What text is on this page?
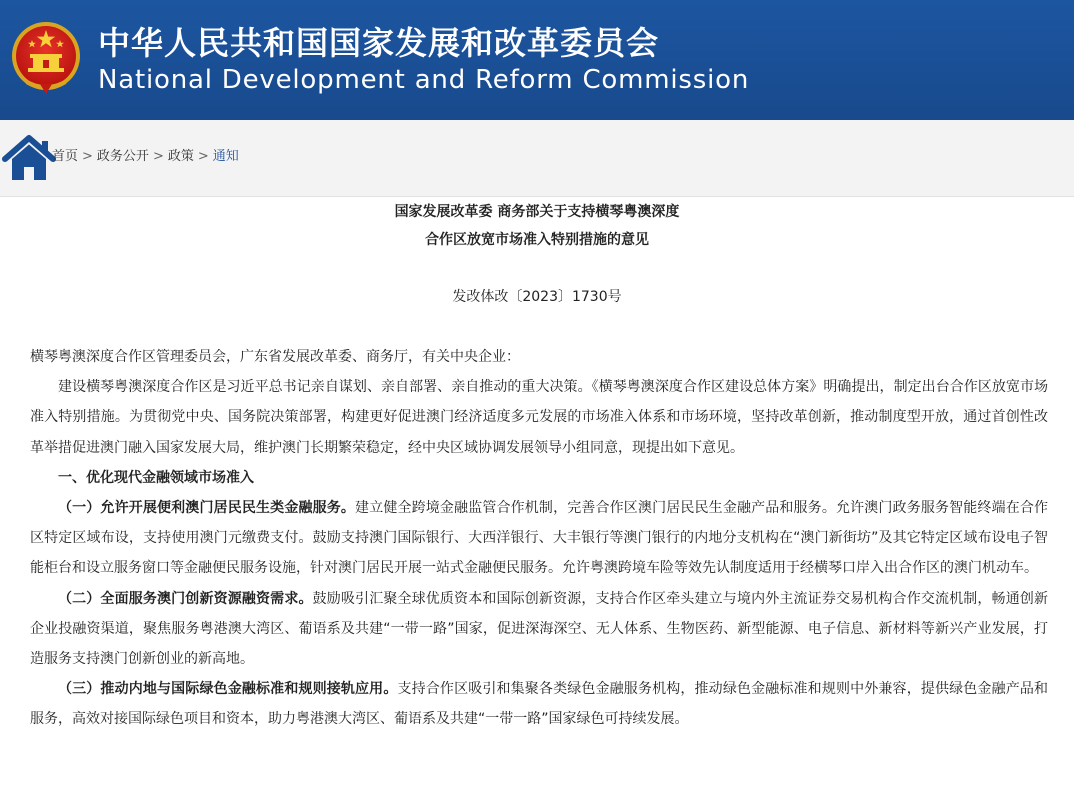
中华人民共和国国家发展和改革委员会
National Development and Reform Commission
首页 > 政务公开 > 政策 > 通知
国家发展改革委 商务部关于支持横琴粤澳深度
合作区放宽市场准入特别措施的意见
发改体改〔2023〕1730号

横琴粤澳深度合作区管理委员会，广东省发展改革委、商务厅，有关中央企业：

建设横琴粤澳深度合作区是习近平总书记亲自谋划、亲自部署、亲自推动的重大决策。《横琴粤澳深度合作区建设总体方案》明确提出，制定出台合作区放宽市场准入特别措施。为贯彻党中央、国务院决策部署，构建更好促进澳门经济适度多元发展的市场准入体系和市场环境，坚持改革创新，推动制度型开放，通过首创性改革举措促进澳门融入国家发展大局，维护澳门长期繁荣稳定，经中央区域协调发展领导小组同意，现提出如下意见。

一、优化现代金融领域市场准入

（一）允许开展便利澳门居民民生类金融服务。建立健全跨境金融监管合作机制，完善合作区澳门居民民生金融产品和服务。允许澳门政务服务智能终端在合作区特定区域布设，支持使用澳门元缴费支付。鼓励支持澳门国际银行、大西洋银行、大丰银行等澳门银行的内地分支机构在“澳门新街坊”及其它特定区域布设电子智能柜台和设立服务窗口等金融便民服务设施，针对澳门居民开展一站式金融便民服务。允许粤澳跨境车险等效先认制度适用于经横琴口岸入出合作区的澳门机动车。

（二）全面服务澳门创新资源融资需求。鼓励吸引汇聚全球优质资本和国际创新资源，支持合作区牵头建立与境内外主流证券交易机构合作交流机制，畅通创新企业投融资渠道，聚焦服务粤港澳大湾区、葡语系及共建“一带一路”国家，促进深海深空、无人体系、生物医药、新型能源、电子信息、新材料等新兴产业发展，打造服务支持澳门创新创业的新高地。

（三）推动内地与国际绿色金融标准和规则接轨应用。支持合作区吸引和集聚各类绿色金融服务机构，推动绿色金融标准和规则中外兼容，提供绿色金融产品和服务，高效对接国际绿色项目和资本，助力粤港澳大湾区、葡语系及共建“一带一路”国家绿色可持续发展。
